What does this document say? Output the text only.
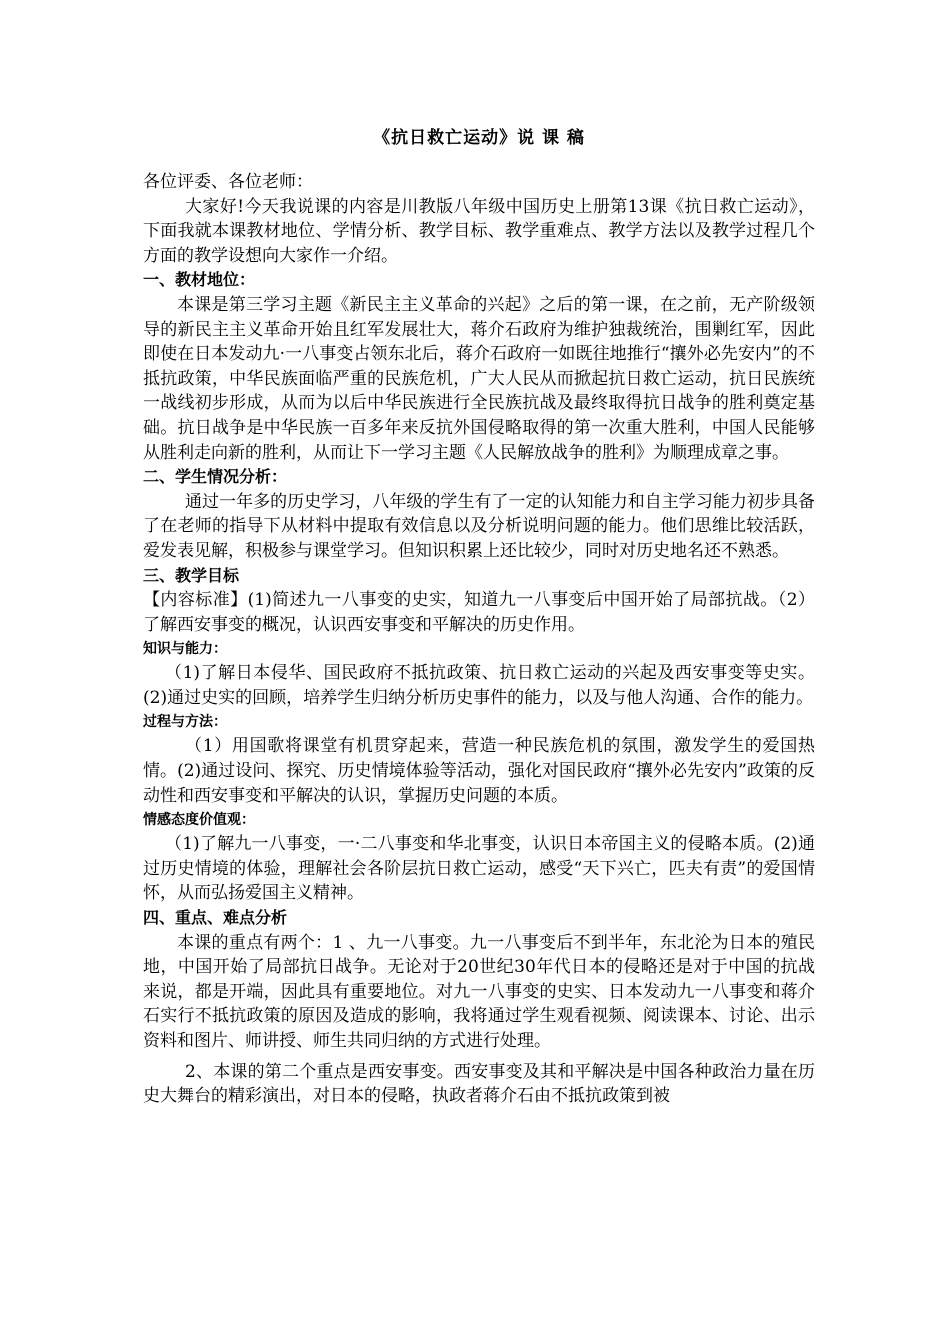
《抗日救亡运动》说 课 稿

各位评委、各位老师：

大家好!今天我说课的内容是川教版八年级中国历史上册第13课《抗日救亡运动》，下面我就本课教材地位、学情分析、教学目标、教学重难点、教学方法以及教学过程几个方面的教学设想向大家作一介绍。

一、教材地位：

本课是第三学习主题《新民主主义革命的兴起》之后的第一课，在之前，无产阶级领导的新民主主义革命开始且红军发展壮大，蒋介石政府为维护独裁统治，围剿红军，因此即使在日本发动九·一八事变占领东北后，蒋介石政府一如既往地推行“攘外必先安内”的不抵抗政策，中华民族面临严重的民族危机，广大人民从而掀起抗日救亡运动，抗日民族统一战线初步形成，从而为以后中华民族进行全民族抗战及最终取得抗日战争的胜利奠定基础。抗日战争是中华民族一百多年来反抗外国侵略取得的第一次重大胜利，中国人民能够从胜利走向新的胜利，从而让下一学习主题《人民解放战争的胜利》为顺理成章之事。

二、学生情况分析：

通过一年多的历史学习，八年级的学生有了一定的认知能力和自主学习能力初步具备了在老师的指导下从材料中提取有效信息以及分析说明问题的能力。他们思维比较活跃，爱发表见解，积极参与课堂学习。但知识积累上还比较少，同时对历史地名还不熟悉。

三、教学目标

【内容标准】(1)简述九一八事变的史实，知道九一八事变后中国开始了局部抗战。（2）了解西安事变的概况，认识西安事变和平解决的历史作用。

知识与能力：

（1)了解日本侵华、国民政府不抵抗政策、抗日救亡运动的兴起及西安事变等史实。(2)通过史实的回顾，培养学生归纳分析历史事件的能力，以及与他人沟通、合作的能力。

过程与方法：

（1）用国歌将课堂有机贯穿起来，营造一种民族危机的氛围，激发学生的爱国热情。(2)通过设问、探究、历史情境体验等活动，强化对国民政府“攘外必先安内”政策的反动性和西安事变和平解决的认识，掌握历史问题的本质。

情感态度价值观：

（1)了解九一八事变，一·二八事变和华北事变，认识日本帝国主义的侵略本质。(2)通过历史情境的体验，理解社会各阶层抗日救亡运动，感受“天下兴亡，匹夫有责”的爱国情怀，从而弘扬爱国主义精神。

四、重点、难点分析

本课的重点有两个：1 、九一八事变。九一八事变后不到半年，东北沦为日本的殖民地，中国开始了局部抗日战争。无论对于20世纪30年代日本的侵略还是对于中国的抗战来说，都是开端，因此具有重要地位。对九一八事变的史实、日本发动九一八事变和蒋介石实行不抵抗政策的原因及造成的影响，我将通过学生观看视频、阅读课本、讨论、出示资料和图片、师讲授、师生共同归纳的方式进行处理。

2、本课的第二个重点是西安事变。西安事变及其和平解决是中国各种政治力量在历史大舞台的精彩演出，对日本的侵略，执政者蒋介石由不抵抗政策到被
